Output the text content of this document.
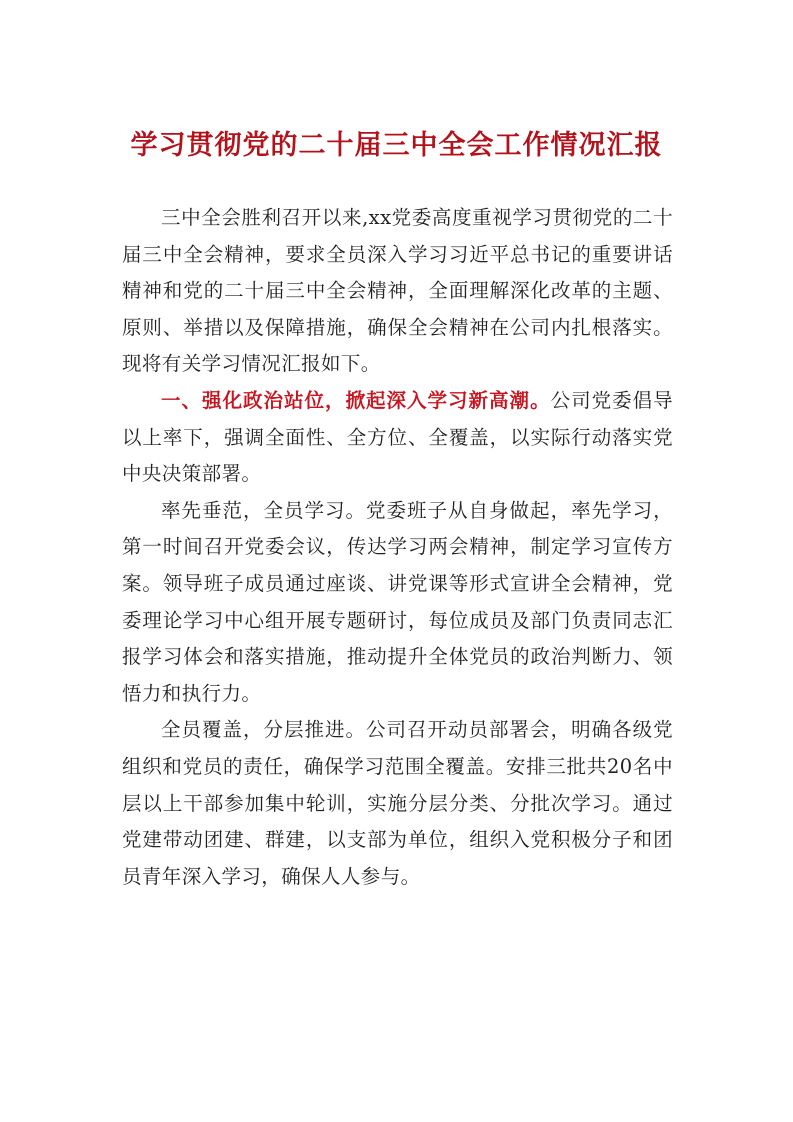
学习贯彻党的二十届三中全会工作情况汇报

三中全会胜利召开以来,xx党委高度重视学习贯彻党的二十届三中全会精神，要求全员深入学习习近平总书记的重要讲话精神和党的二十届三中全会精神，全面理解深化改革的主题、原则、举措以及保障措施，确保全会精神在公司内扎根落实。现将有关学习情况汇报如下。

一、强化政治站位，掀起深入学习新高潮。公司党委倡导以上率下，强调全面性、全方位、全覆盖，以实际行动落实党中央决策部署。

率先垂范，全员学习。党委班子从自身做起，率先学习，第一时间召开党委会议，传达学习两会精神，制定学习宣传方案。领导班子成员通过座谈、讲党课等形式宣讲全会精神，党委理论学习中心组开展专题研讨，每位成员及部门负责同志汇报学习体会和落实措施，推动提升全体党员的政治判断力、领悟力和执行力。

全员覆盖，分层推进。公司召开动员部署会，明确各级党组织和党员的责任，确保学习范围全覆盖。安排三批共20名中层以上干部参加集中轮训，实施分层分类、分批次学习。通过党建带动团建、群建，以支部为单位，组织入党积极分子和团员青年深入学习，确保人人参与。
